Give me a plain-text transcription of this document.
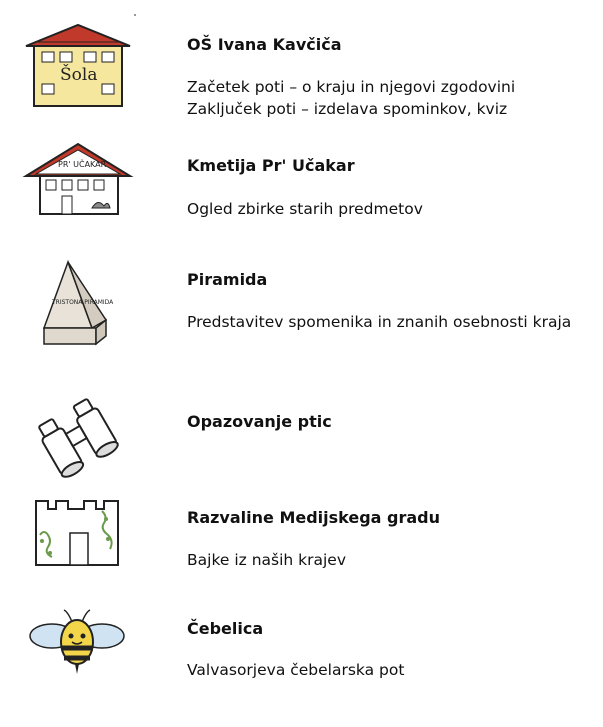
Šola
OŠ Ivana Kavčiča
Začetek poti – o kraju in njegovi zgodovini
Zaključek poti – izdelava spominkov, kviz
PR' UČAKAR	Kmetija Pr' Učakar
Ogled zbirke starih predmetov
TRISTONA PIRAMIDA
Piramida
Predstavitev spomenika in znanih osebnosti kraja
Opazovanje ptic
Razvaline Medijskega gradu
Bajke iz naših krajev
Čebelica
Valvasorjeva čebelarska pot
